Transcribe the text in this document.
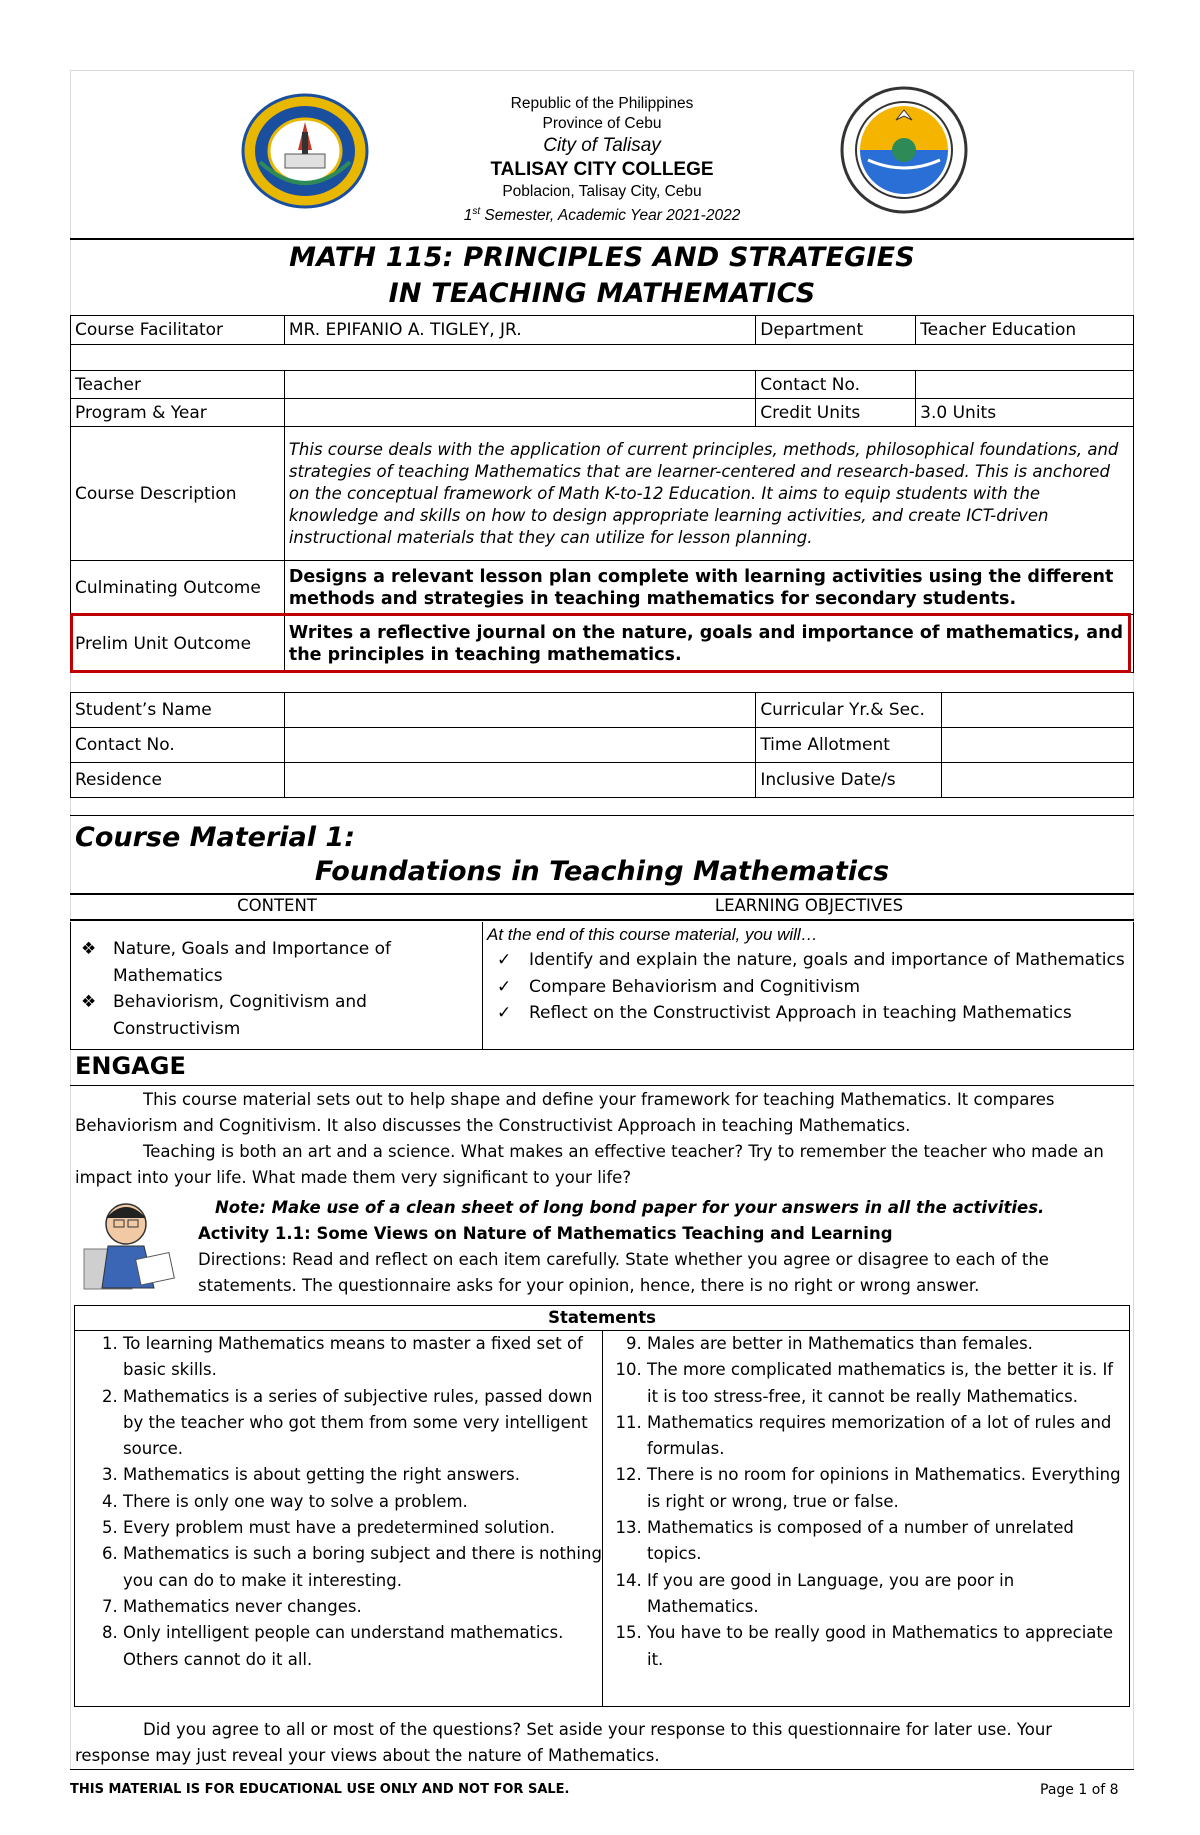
Republic of the Philippines
Province of Cebu
City of Talisay
TALISAY CITY COLLEGE
Poblacion, Talisay City, Cebu
1st Semester, Academic Year 2021-2022
MATH 115: PRINCIPLES AND STRATEGIES
IN TEACHING MATHEMATICS
Course Facilitator	MR. EPIFANIO A. TIGLEY, JR.	Department	Teacher Education

Teacher		Contact No.	
Program & Year		Credit Units	3.0 Units
Course Description	This course deals with the application of current principles, methods, philosophical foundations, and strategies of teaching Mathematics that are learner-centered and research-based. This is anchored on the conceptual framework of Math K-to-12 Education. It aims to equip students with the knowledge and skills on how to design appropriate learning activities, and create ICT-driven instructional materials that they can utilize for lesson planning.		
Culminating Outcome	Designs a relevant lesson plan complete with learning activities using the different methods and strategies in teaching mathematics for secondary students.		
Prelim Unit Outcome	Writes a reflective journal on the nature, goals and importance of mathematics, and the principles in teaching mathematics.		
Student’s Name		Curricular Yr.& Sec.	
Contact No.		Time Allotment	
Residence		Inclusive Date/s	
Course Material 1:
Foundations in Teaching Mathematics
CONTENT	LEARNING OBJECTIVES
❖ Nature, Goals and Importance of Mathematics
❖ Behaviorism, Cognitivism and Constructivism
At the end of this course material, you will…
✓ Identify and explain the nature, goals and importance of Mathematics
✓ Compare Behaviorism and Cognitivism
✓ Reflect on the Constructivist Approach in teaching Mathematics
ENGAGE
This course material sets out to help shape and define your framework for teaching Mathematics. It compares Behaviorism and Cognitivism. It also discusses the Constructivist Approach in teaching Mathematics.
Teaching is both an art and a science. What makes an effective teacher? Try to remember the teacher who made an impact into your life. What made them very significant to your life?
Note: Make use of a clean sheet of long bond paper for your answers in all the activities.
Activity 1.1: Some Views on Nature of Mathematics Teaching and Learning
Directions: Read and reflect on each item carefully. State whether you agree or disagree to each of the statements. The questionnaire asks for your opinion, hence, there is no right or wrong answer.
Statements
1. To learning Mathematics means to master a fixed set of basic skills.
2. Mathematics is a series of subjective rules, passed down by the teacher who got them from some very intelligent source.
3. Mathematics is about getting the right answers.
4. There is only one way to solve a problem.
5. Every problem must have a predetermined solution.
6. Mathematics is such a boring subject and there is nothing you can do to make it interesting.
7. Mathematics never changes.
8. Only intelligent people can understand mathematics. Others cannot do it all.
9. Males are better in Mathematics than females.
10. The more complicated mathematics is, the better it is. If it is too stress-free, it cannot be really Mathematics.
11. Mathematics requires memorization of a lot of rules and formulas.
12. There is no room for opinions in Mathematics. Everything is right or wrong, true or false.
13. Mathematics is composed of a number of unrelated topics.
14. If you are good in Language, you are poor in Mathematics.
15. You have to be really good in Mathematics to appreciate it.
Did you agree to all or most of the questions? Set aside your response to this questionnaire for later use. Your response may just reveal your views about the nature of Mathematics.
THIS MATERIAL IS FOR EDUCATIONAL USE ONLY AND NOT FOR SALE.	Page 1 of 8
